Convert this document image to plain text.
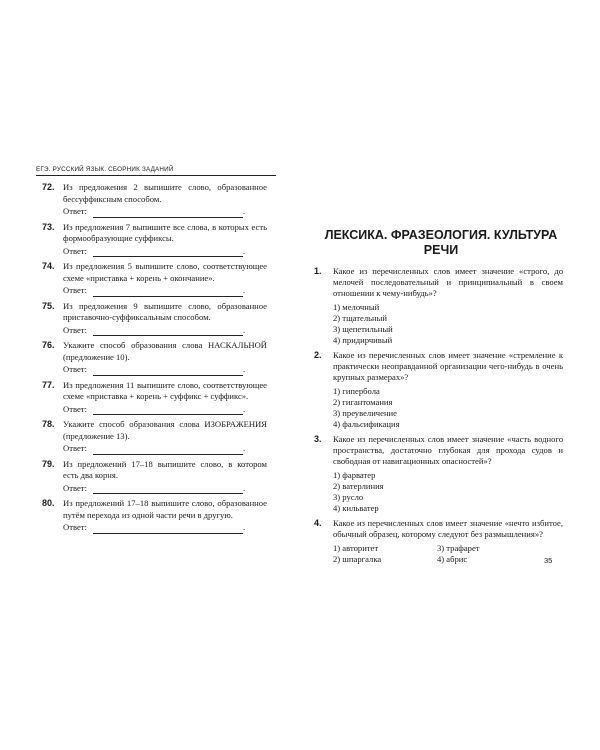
ЕГЭ. РУССКИЙ ЯЗЫК. СБОРНИК ЗАДАНИЙ
72. Из предложения 2 выпишите слово, образованное бессуффиксным способом.
Ответ:	.
73. Из предложения 7 выпишите все слова, в которых есть формообразующие суффиксы.
Ответ:	.
74. Из предложения 5 выпишите слово, соответствующее схеме «приставка + корень + окончание».
Ответ:	.
75. Из предложения 9 выпишите слово, образованное приставочно-суффиксальным способом.
Ответ:	.
76. Укажите способ образования слова НАСКАЛЬНОЙ (предложение 10).
Ответ:	.
77. Из предложения 11 выпишите слово, соответствующее схеме «приставка + корень + суффикс + суффикс».
Ответ:	.
78. Укажите способ образования слова ИЗОБРАЖЕНИЯ (предложение 13).
Ответ:	.
79. Из предложений 17–18 выпишите слово, в котором есть два корня.
Ответ:	.
80. Из предложений 17–18 выпишите слово, образованное путём перехода из одной части речи в другую.
Ответ:	.
ЛЕКСИКА. ФРАЗЕОЛОГИЯ. КУЛЬТУРА РЕЧИ
1.	Какое из перечисленных слов имеет значение «строго, до мелочей последовательный и принципиальный в своем отношении к чему-нибудь»?
1) мелочный
2) тщательный
3) щепетильный
4) придирчивый
2.	Какое из перечисленных слов имеет значение «стремление к практически неоправданной организации чего-нибудь в очень крупных размерах»?
1) гипербола
2) гигантомания
3) преувеличение
4) фальсификация
3.	Какое из перечисленных слов имеет значение «часть водного пространства, достаточно глубокая для прохода судов и свободная от навигационных опасностей»?
1) фарватер
2) ватерлиния
3) русло
4) кильватер
4.	Какое из перечисленных слов имеет значение «нечто избитое, обычный образец, которому следуют без размышления»?
1) авторитет	3) трафарет
2) шпаргалка	4) абрис	35
